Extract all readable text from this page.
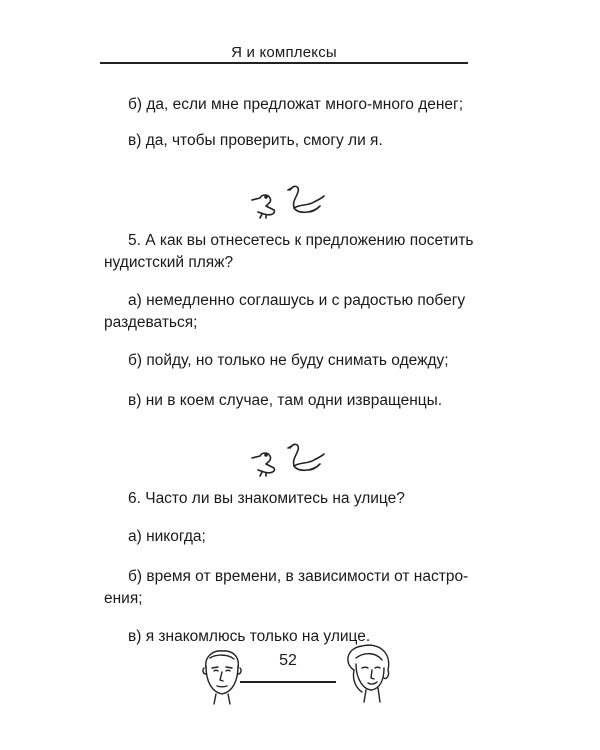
Я и комплексы

б) да, если мне предложат много-много денег;

в) да, чтобы проверить, смогу ли я.

5. А как вы отнесетесь к предложению посетить

нудистский пляж?

а) немедленно соглашусь и с радостью побегу

раздеваться;

б) пойду, но только не буду снимать одежду;

в) ни в коем случае, там одни извращенцы.

6. Часто ли вы знакомитесь на улице?

а) никогда;

б) время от времени, в зависимости от настро-

ения;

в) я знакомлюсь только на улице.

52
